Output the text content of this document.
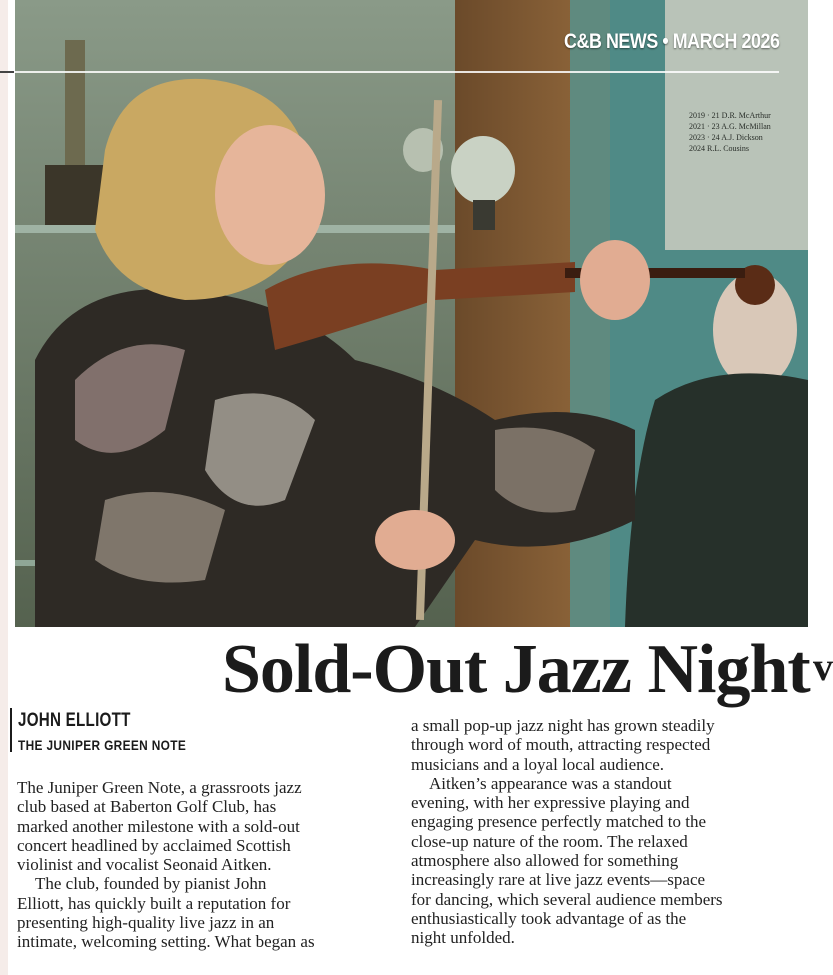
2019 · 21 D.R. McArthur
2021 · 23 A.G. McMillan
2023 · 24 A.J. Dickson
2024 R.L. Cousins
C&B NEWS • MARCH 2026
Sold-Out Jazz Night v
JOHN ELLIOTT
THE JUNIPER GREEN NOTE
The Juniper Green Note, a grassroots jazz
club based at Baberton Golf Club, has
marked another milestone with a sold-out
concert headlined by acclaimed Scottish
violinist and vocalist Seonaid Aitken.
The club, founded by pianist John
Elliott, has quickly built a reputation for
presenting high-quality live jazz in an
intimate, welcoming setting. What began as
a small pop-up jazz night has grown steadily
through word of mouth, attracting respected
musicians and a loyal local audience.
Aitken’s appearance was a standout
evening, with her expressive playing and
engaging presence perfectly matched to the
close-up nature of the room. The relaxed
atmosphere also allowed for something
increasingly rare at live jazz events—space
for dancing, which several audience members
enthusiastically took advantage of as the
night unfolded.
